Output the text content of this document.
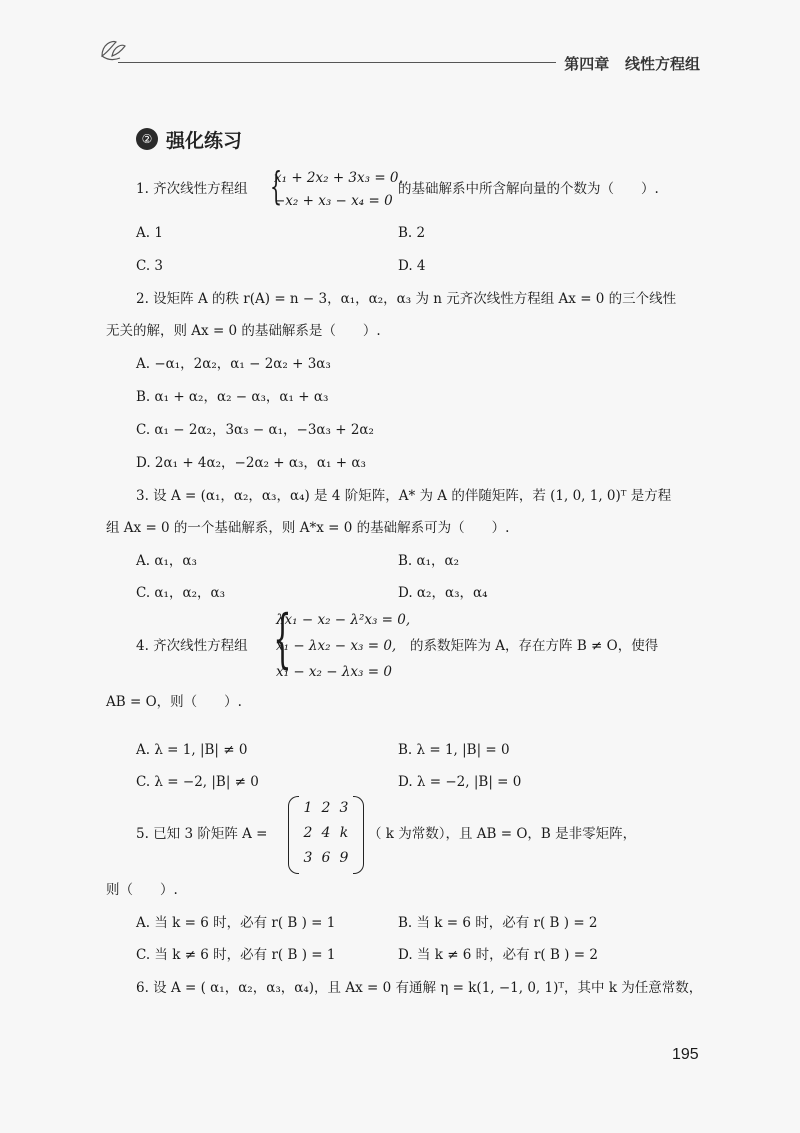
第四章 线性方程组
② 强化练习
1. 齐次线性方程组 {
x₁ + 2x₂ + 3x₃ = 0,
−x₂ + x₃ − x₄ = 0
的基础解系中所含解向量的个数为（　　）.
A. 1	B. 2
C. 3	D. 4
2. 设矩阵 A 的秩 r(A) = n − 3，α₁，α₂，α₃ 为 n 元齐次线性方程组 Ax = 0 的三个线性
无关的解，则 Ax = 0 的基础解系是（　　）.
A. −α₁，2α₂，α₁ − 2α₂ + 3α₃
B. α₁ + α₂，α₂ − α₃，α₁ + α₃
C. α₁ − 2α₂，3α₃ − α₁，−3α₃ + 2α₂
D. 2α₁ + 4α₂，−2α₂ + α₃，α₁ + α₃
3. 设 A = (α₁，α₂，α₃，α₄) 是 4 阶矩阵，A* 为 A 的伴随矩阵，若 (1, 0, 1, 0)ᵀ 是方程
组 Ax = 0 的一个基础解系，则 A*x = 0 的基础解系可为（　　）.
A. α₁，α₃	B. α₁，α₂
C. α₁，α₂，α₃	D. α₂，α₃，α₄
4. 齐次线性方程组 {
λx₁ − x₂ − λ²x₃ = 0,
x₁ − λx₂ − x₃ = 0,
x₁ − x₂ − λx₃ = 0
的系数矩阵为 A，存在方阵 B ≠ O，使得
AB = O，则（　　）.
A. λ = 1, |B| ≠ 0	B. λ = 1, |B| = 0
C. λ = −2, |B| ≠ 0	D. λ = −2, |B| = 0
5. 已知 3 阶矩阵 A =
1 2 3
2 4 k
3 6 9
（ k 为常数），且 AB = O，B 是非零矩阵，
则（　　）.
A. 当 k = 6 时，必有 r( B ) = 1	B. 当 k = 6 时，必有 r( B ) = 2
C. 当 k ≠ 6 时，必有 r( B ) = 1	D. 当 k ≠ 6 时，必有 r( B ) = 2
6. 设 A = ( α₁，α₂，α₃，α₄)，且 Ax = 0 有通解 η = k(1, −1, 0, 1)ᵀ，其中 k 为任意常数，
195
